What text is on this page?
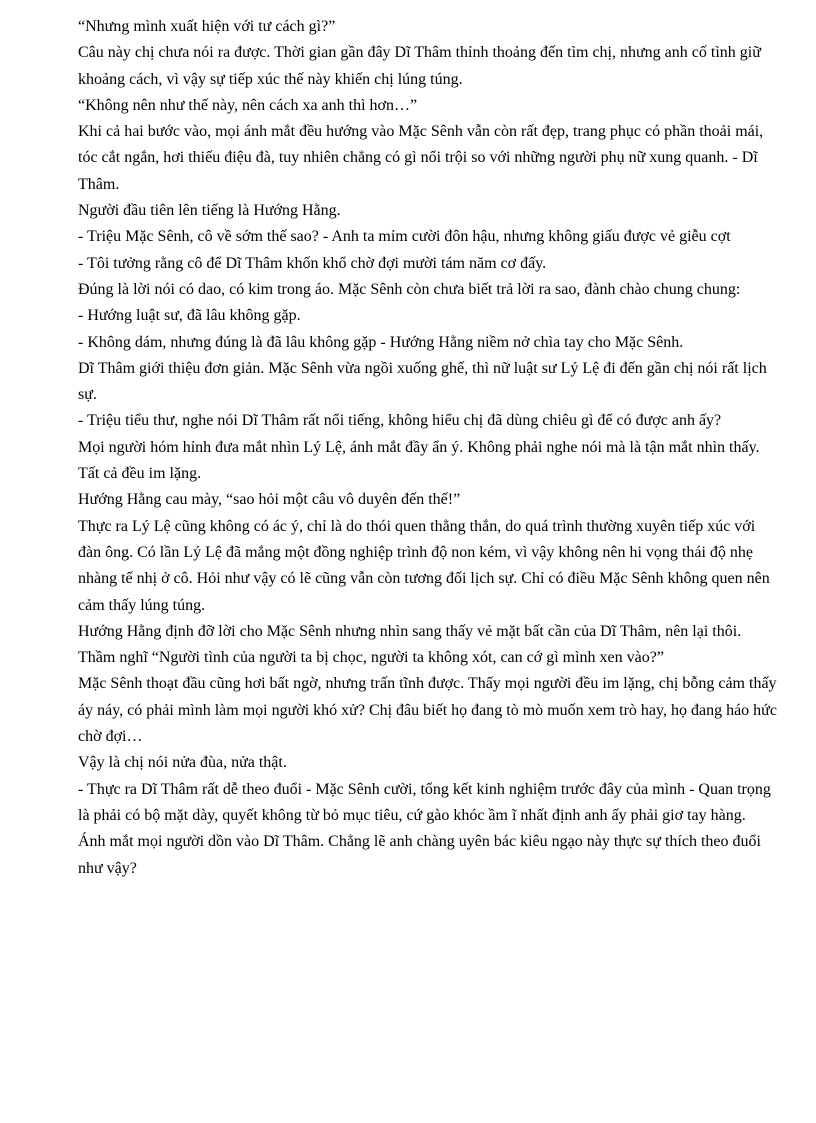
“Nhưng mình xuất hiện với tư cách gì?”

Câu này chị chưa nói ra được. Thời gian gần đây Dĩ Thâm thỉnh thoảng đến tìm chị, nhưng anh cố tình giữ khoảng cách, vì vậy sự tiếp xúc thế này khiến chị lúng túng.

“Không nên như thế này, nên cách xa anh thì hơn…”

Khi cả hai bước vào, mọi ánh mắt đều hướng vào Mặc Sênh vẫn còn rất đẹp, trang phục có phần thoải mái, tóc cắt ngắn, hơi thiếu điệu đà, tuy nhiên chẳng có gì nổi trội so với những người phụ nữ xung quanh. - Dĩ Thâm.

Người đầu tiên lên tiếng là Hướng Hằng.

- Triệu Mặc Sênh, cô về sớm thế sao? - Anh ta mỉm cười đôn hậu, nhưng không giấu được vẻ giễu cợt

- Tôi tưởng rằng cô để Dĩ Thâm khốn khổ chờ đợi mười tám năm cơ đấy.

Đúng là lời nói có dao, có kim trong áo. Mặc Sênh còn chưa biết trả lời ra sao, đành chào chung chung:

- Hướng luật sư, đã lâu không gặp.

- Không dám, nhưng đúng là đã lâu không gặp - Hướng Hằng niềm nở chìa tay cho Mặc Sênh.

Dĩ Thâm giới thiệu đơn giản. Mặc Sênh vừa ngồi xuống ghế, thì nữ luật sư Lý Lệ đi đến gần chị nói rất lịch sự.

- Triệu tiểu thư, nghe nói Dĩ Thâm rất nổi tiếng, không hiểu chị đã dùng chiêu gì để có được anh ấy?

Mọi người hóm hỉnh đưa mắt nhìn Lý Lệ, ánh mắt đầy ẩn ý. Không phải nghe nói mà là tận mắt nhìn thấy. Tất cả đều im lặng.

Hướng Hằng cau mày, “sao hỏi một câu vô duyên đến thế!”

Thực ra Lý Lệ cũng không có ác ý, chỉ là do thói quen thẳng thắn, do quá trình thường xuyên tiếp xúc với đàn ông. Có lần Lý Lệ đã mắng một đồng nghiệp trình độ non kém, vì vậy không nên hi vọng thái độ nhẹ nhàng tế nhị ở cô. Hỏi như vậy có lẽ cũng vẫn còn tương đối lịch sự. Chỉ có điều Mặc Sênh không quen nên cảm thấy lúng túng.

Hướng Hằng định đỡ lời cho Mặc Sênh nhưng nhìn sang thấy vẻ mặt bất cần của Dĩ Thâm, nên lại thôi. Thầm nghĩ “Người tình của người ta bị chọc, người ta không xót, can cớ gì mình xen vào?”

Mặc Sênh thoạt đầu cũng hơi bất ngờ, nhưng trấn tĩnh được. Thấy mọi người đều im lặng, chị bỗng cảm thấy áy náy, có phải mình làm mọi người khó xử? Chị đâu biết họ đang tò mò muốn xem trò hay, họ đang háo hức chờ đợi…

Vậy là chị nói nửa đùa, nửa thật.

- Thực ra Dĩ Thâm rất dễ theo đuổi - Mặc Sênh cười, tổng kết kinh nghiệm trước đây của mình - Quan trọng là phải có bộ mặt dày, quyết không từ bỏ mục tiêu, cứ gào khóc ầm ĩ nhất định anh ấy phải giơ tay hàng.

Ánh mắt mọi người dồn vào Dĩ Thâm. Chẳng lẽ anh chàng uyên bác kiêu ngạo này thực sự thích theo đuổi như vậy?
